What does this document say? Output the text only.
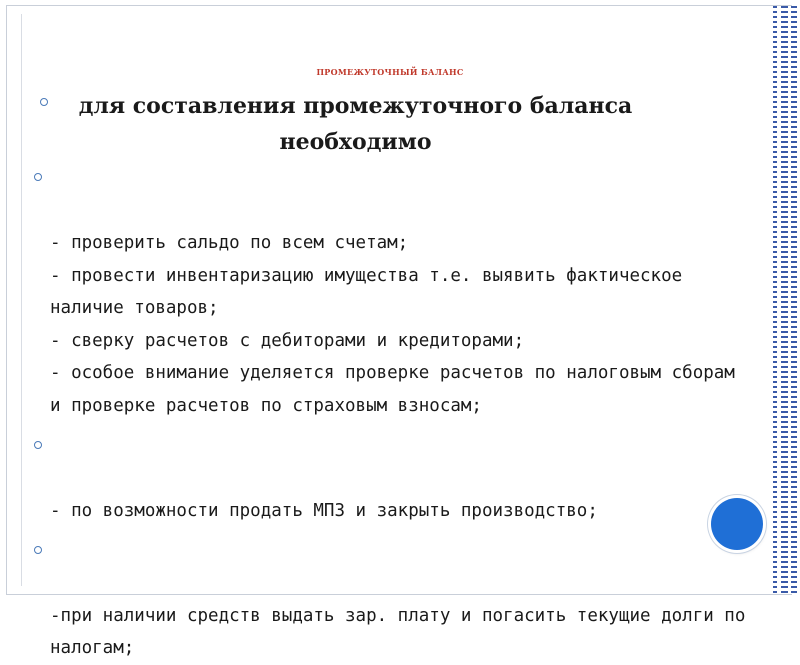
ПРОМЕЖУТОЧНЫЙ БАЛАНС
для составления промежуточного баланса необходимо

- проверить сальдо по всем счетам;
- провести инвентаризацию имущества т.е. выявить фактическое наличие товаров;
- сверку расчетов с дебиторами и кредиторами;
- особое внимание уделяется проверке расчетов по налоговым сборам и проверке расчетов по страховым взносам;

- по возможности продать МПЗ и закрыть производство;

-при наличии средств выдать зар. плату и погасить текущие долги по налогам;
